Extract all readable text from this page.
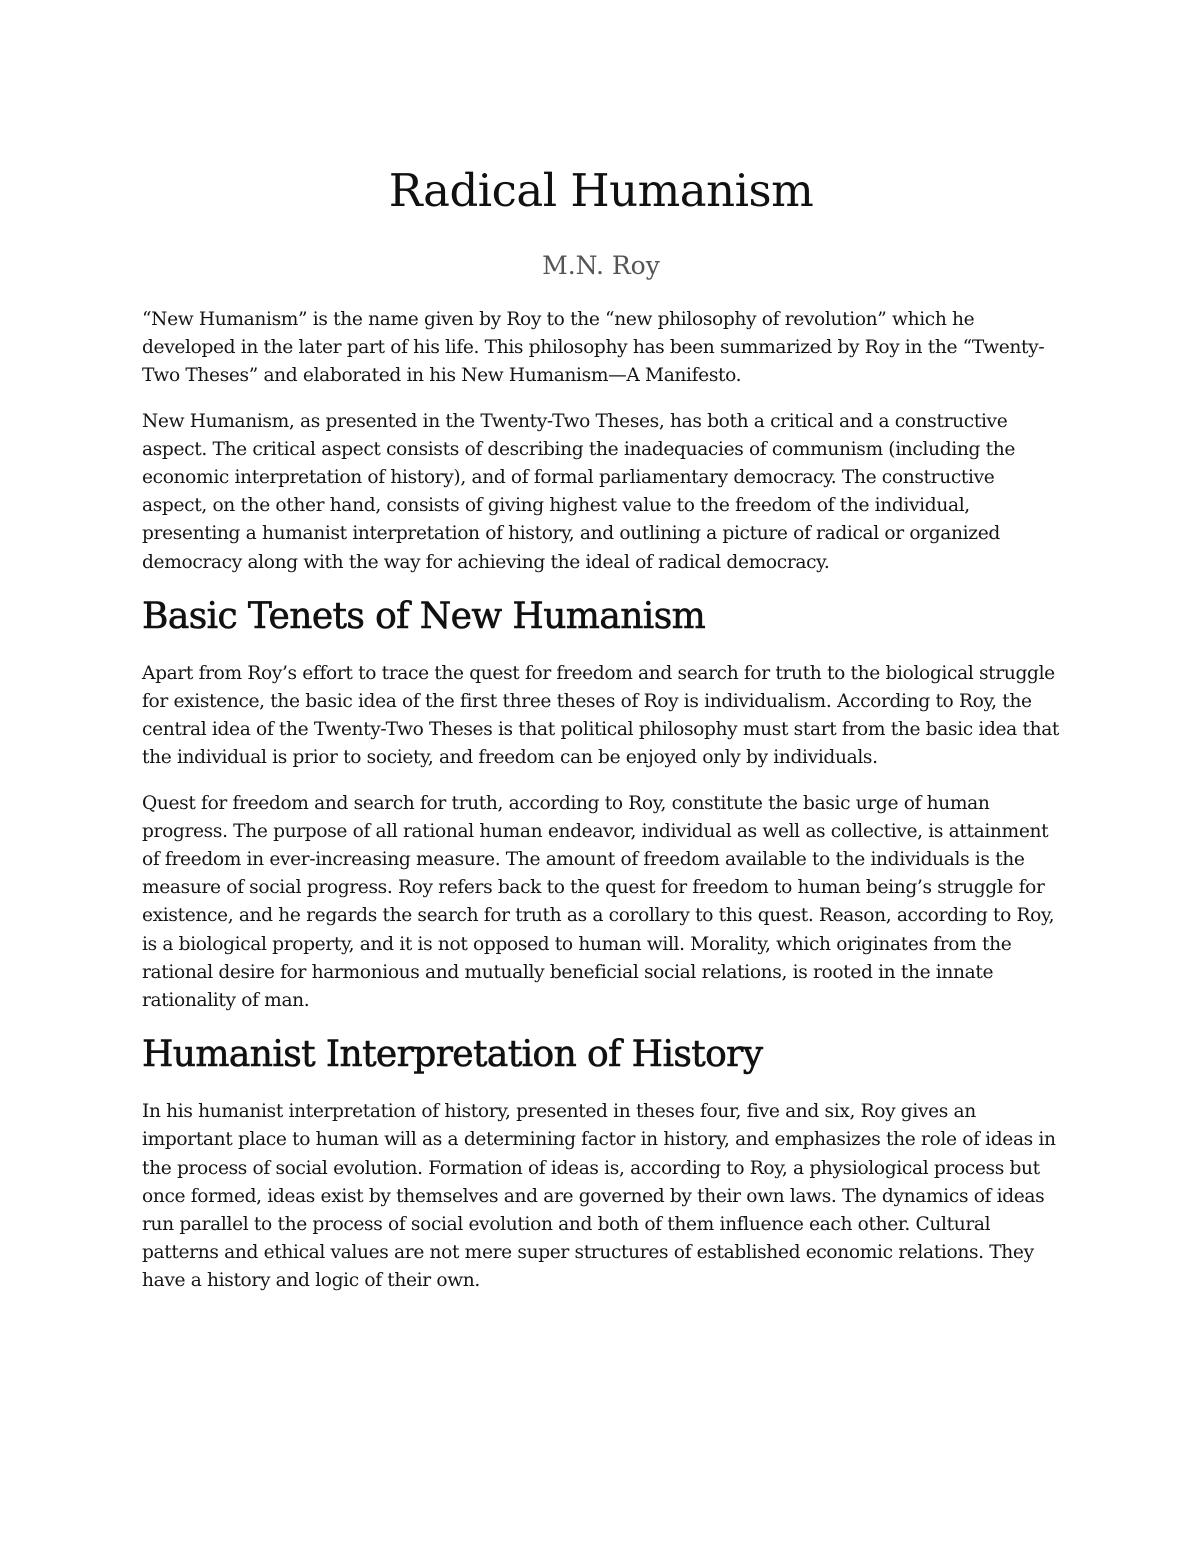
Radical Humanism
M.N. Roy

“New Humanism” is the name given by Roy to the “new philosophy of revolution” which he developed in the later part of his life. This philosophy has been summarized by Roy in the “Twenty-Two Theses” and elaborated in his New Humanism—A Manifesto.

New Humanism, as presented in the Twenty-Two Theses, has both a critical and a constructive aspect. The critical aspect consists of describing the inadequacies of communism (including the economic interpretation of history), and of formal parliamentary democracy. The constructive aspect, on the other hand, consists of giving highest value to the freedom of the individual, presenting a humanist interpretation of history, and outlining a picture of radical or organized democracy along with the way for achieving the ideal of radical democracy.

Basic Tenets of New Humanism

Apart from Roy’s effort to trace the quest for freedom and search for truth to the biological struggle for existence, the basic idea of the first three theses of Roy is individualism. According to Roy, the central idea of the Twenty-Two Theses is that political philosophy must start from the basic idea that the individual is prior to society, and freedom can be enjoyed only by individuals.

Quest for freedom and search for truth, according to Roy, constitute the basic urge of human progress. The purpose of all rational human endeavor, individual as well as collective, is attainment of freedom in ever-increasing measure. The amount of freedom available to the individuals is the measure of social progress. Roy refers back to the quest for freedom to human being’s struggle for existence, and he regards the search for truth as a corollary to this quest. Reason, according to Roy, is a biological property, and it is not opposed to human will. Morality, which originates from the rational desire for harmonious and mutually beneficial social relations, is rooted in the innate rationality of man.

Humanist Interpretation of History

In his humanist interpretation of history, presented in theses four, five and six, Roy gives an important place to human will as a determining factor in history, and emphasizes the role of ideas in the process of social evolution. Formation of ideas is, according to Roy, a physiological process but once formed, ideas exist by themselves and are governed by their own laws. The dynamics of ideas run parallel to the process of social evolution and both of them influence each other. Cultural patterns and ethical values are not mere super structures of established economic relations. They have a history and logic of their own.
